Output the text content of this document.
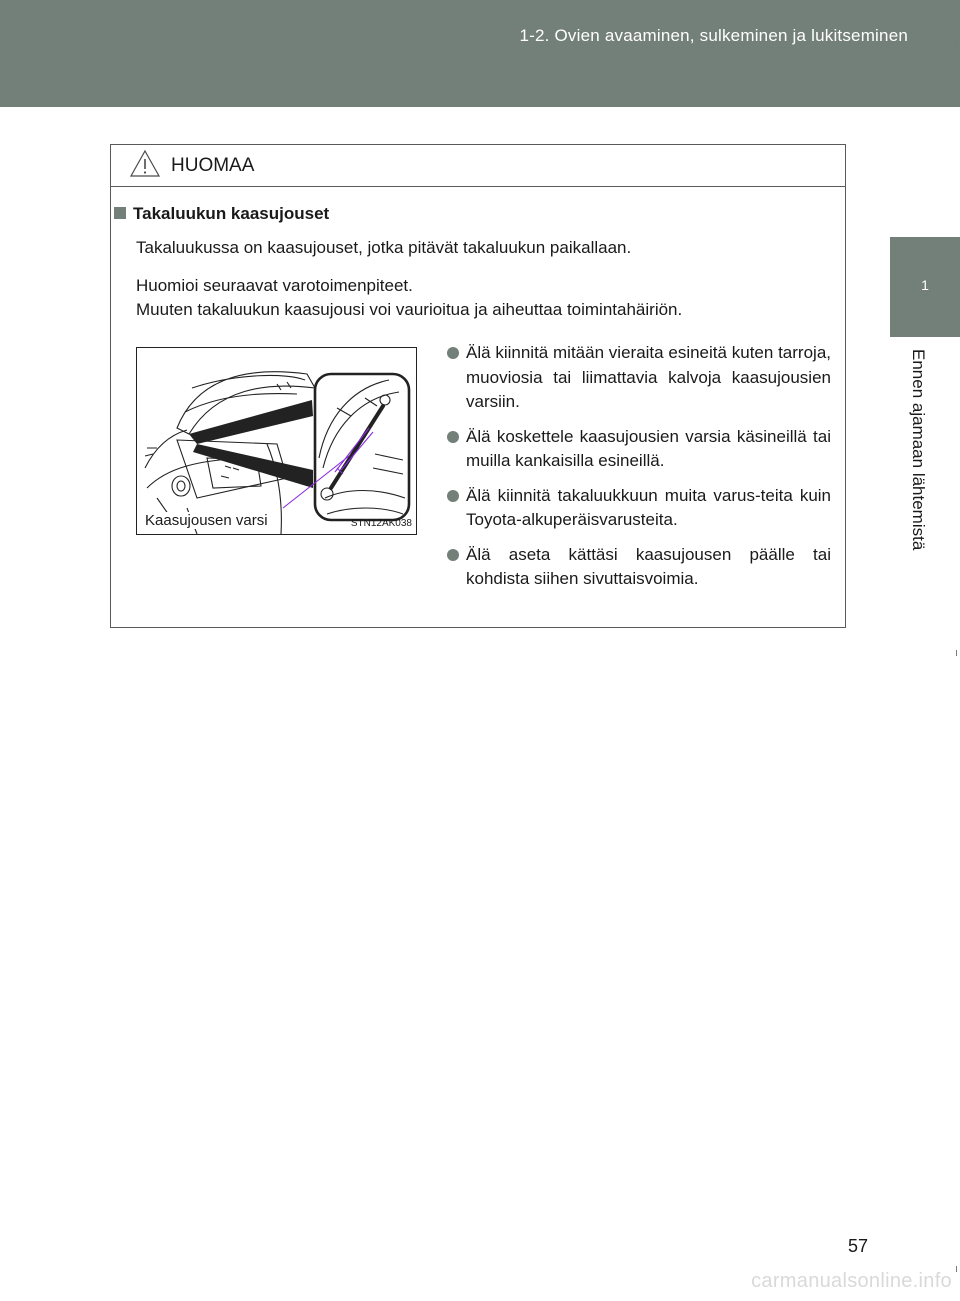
1-2. Ovien avaaminen, sulkeminen ja lukitseminen
1
Ennen ajamaan lähtemistä
HUOMAA
Takaluukun kaasujouset
Takaluukussa on kaasujouset, jotka pitävät takaluukun paikallaan.
Huomioi seuraavat varotoimenpiteet.
Muuten takaluukun kaasujousi voi vaurioitua ja aiheuttaa toimintahäiriön.
Kaasujousen varsi	STN12AK038
Älä kiinnitä mitään vieraita esineitä kuten tarroja, muoviosia tai liimattavia kalvoja kaasujousien varsiin.
Älä koskettele kaasujousien varsia käsineillä tai muilla kankaisilla esineillä.
Älä kiinnitä takaluukkuun muita varus-teita kuin Toyota-alkuperäisvarusteita.
Älä aseta kättäsi kaasujousen päälle tai kohdista siihen sivuttaisvoimia.
57
carmanualsonline.info
